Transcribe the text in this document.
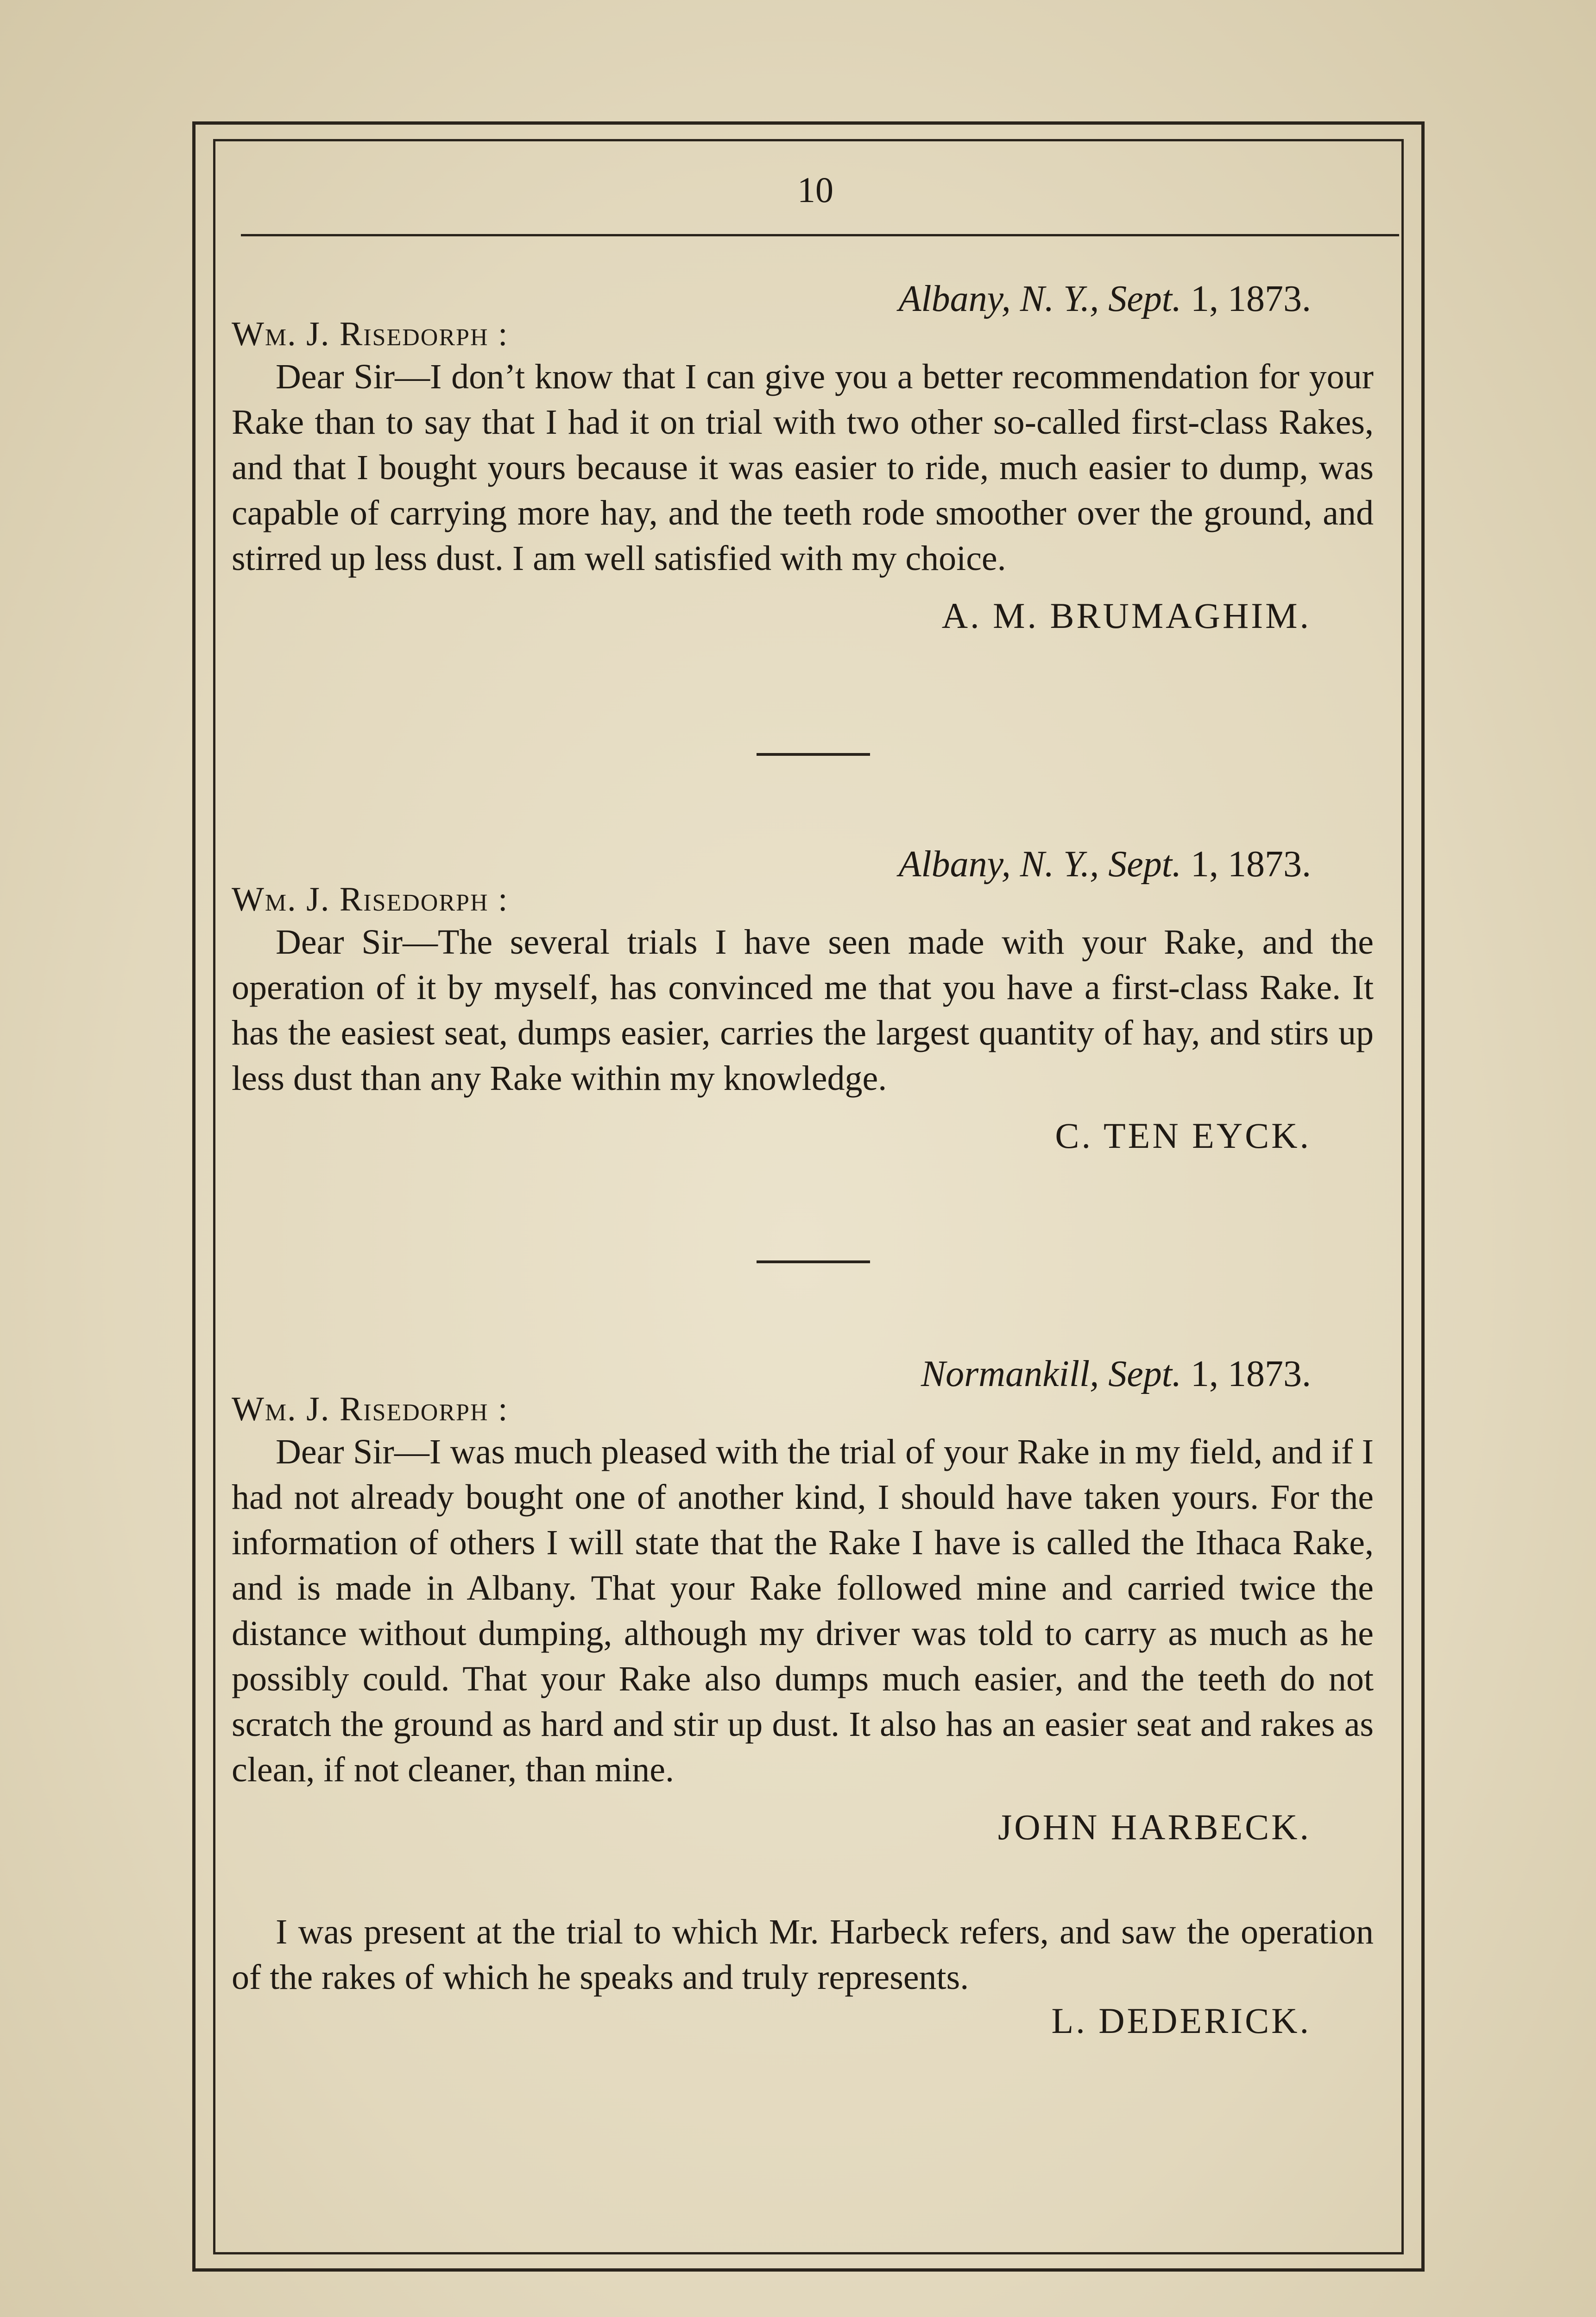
10
Albany, N. Y., Sept. 1, 1873.
Wm. J. Risedorph :
Dear Sir—I don’t know that I can give you a better recommendation for your Rake than to say that I had it on trial with two other so-called first-class Rakes, and that I bought yours because it was easier to ride, much easier to dump, was capable of carrying more hay, and the teeth rode smoother over the ground, and stirred up less dust. I am well satisfied with my choice.
A. M. BRUMAGHIM.
Albany, N. Y., Sept. 1, 1873.
Wm. J. Risedorph :
Dear Sir—The several trials I have seen made with your Rake, and the operation of it by myself, has convinced me that you have a first-class Rake. It has the easiest seat, dumps easier, carries the largest quantity of hay, and stirs up less dust than any Rake within my knowledge.
C. TEN EYCK.
Normankill, Sept. 1, 1873.
Wm. J. Risedorph :
Dear Sir—I was much pleased with the trial of your Rake in my field, and if I had not already bought one of another kind, I should have taken yours. For the information of others I will state that the Rake I have is called the Ithaca Rake, and is made in Albany. That your Rake followed mine and carried twice the distance without dumping, although my driver was told to carry as much as he possibly could. That your Rake also dumps much easier, and the teeth do not scratch the ground as hard and stir up dust. It also has an easier seat and rakes as clean, if not cleaner, than mine.
JOHN HARBECK.
I was present at the trial to which Mr. Harbeck refers, and saw the operation of the rakes of which he speaks and truly represents.
L. DEDERICK.
